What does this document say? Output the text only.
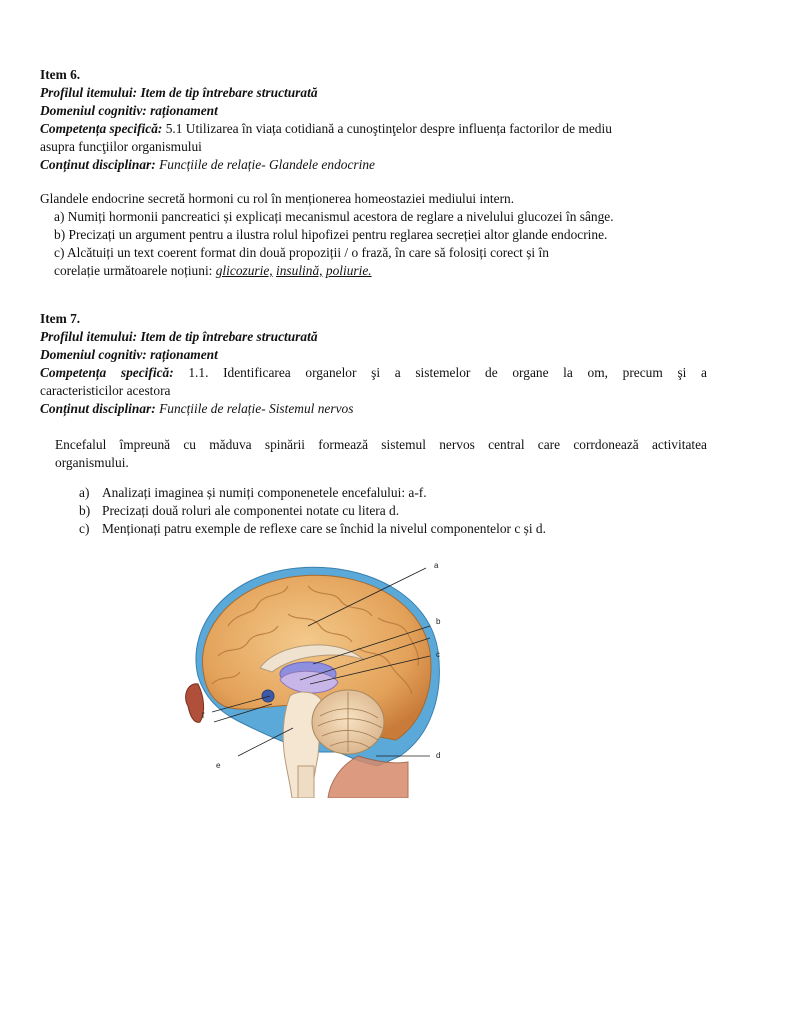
Item 6.
Profilul itemului: Item de tip întrebare structurată
Domeniul cognitiv: raționament
Competența specifică: 5.1 Utilizarea în viața cotidiană a cunoştinţelor despre influența factorilor de mediu
asupra funcţiilor organismului
Conținut disciplinar: Funcțiile de relație- Glandele endocrine
Glandele endocrine secretă hormoni cu rol în menționerea homeostaziei mediului intern.
a) Numiți hormonii pancreatici și explicați mecanismul acestora de reglare a nivelului glucozei în sânge.
b) Precizați un argument pentru a ilustra rolul hipofizei pentru reglarea secreției altor glande endocrine.
c) Alcătuiți un text coerent format din două propoziții / o frază, în care să folosiți corect și în
corelație următoarele noțiuni: glicozurie, insulină, poliurie.
Item 7.
Profilul itemului: Item de tip întrebare structurată
Domeniul cognitiv: raționament
Competența specifică: 1.1. Identificarea organelor şi a sistemelor de organe la om, precum şi a
caracteristicilor acestora
Conținut disciplinar: Funcțiile de relație- Sistemul nervos
Encefalul împreună cu măduva spinării formează sistemul nervos central care corrdonează activitatea
organismului.
a) Analizați imaginea și numiți componenetele encefalului: a-f.
b) Precizați două roluri ale componentei notate cu litera d.
c) Menționați patru exemple de reflexe care se închid la nivelul componentelor c și d.
a
b
c
d
e
f
